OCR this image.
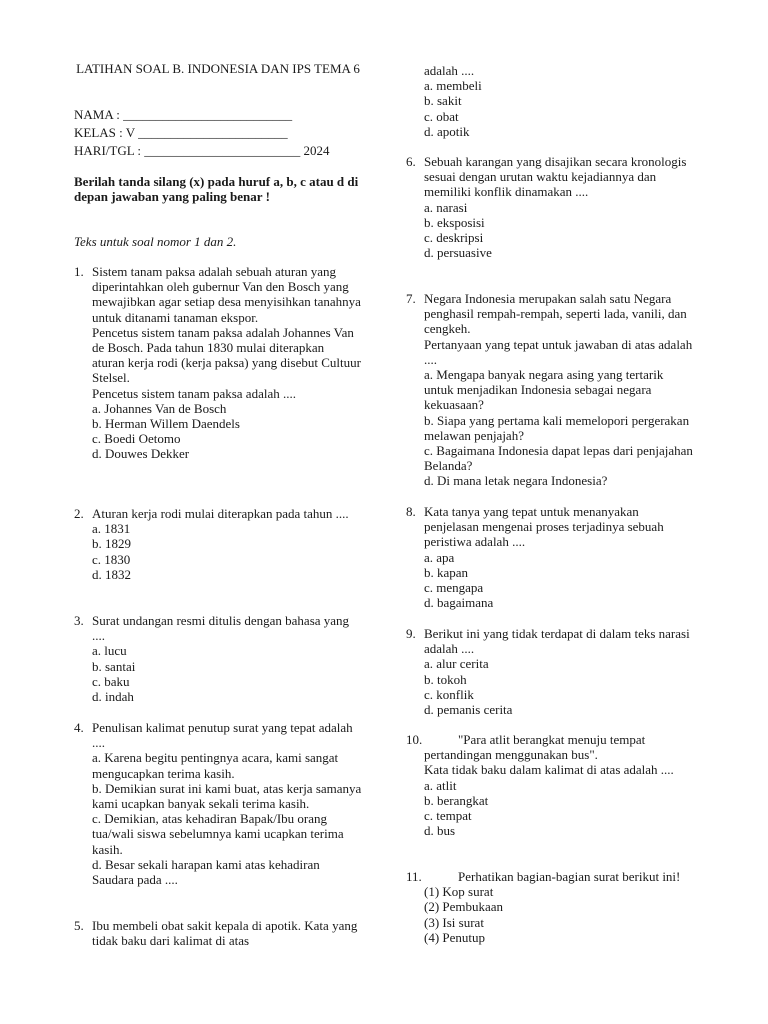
LATIHAN SOAL B. INDONESIA DAN IPS TEMA 6
NAMA : __________________________
KELAS : V _______________________
HARI/TGL : ________________________ 2024
Berilah tanda silang (x) pada huruf a, b, c atau d di depan jawaban yang paling benar !
Teks untuk soal nomor 1 dan 2.
1. Sistem tanam paksa adalah sebuah aturan yang diperintahkan oleh gubernur Van den Bosch yang mewajibkan agar setiap desa menyisihkan tanahnya untuk ditanami tanaman ekspor.
Pencetus sistem tanam paksa adalah Johannes Van de Bosch. Pada tahun 1830 mulai diterapkan
aturan kerja rodi (kerja paksa) yang disebut Cultuur Stelsel.
Pencetus sistem tanam paksa adalah ....
a. Johannes Van de Bosch
b. Herman Willem Daendels
c. Boedi Oetomo
d. Douwes Dekker
2. Aturan kerja rodi mulai diterapkan pada tahun ....
a. 1831
b. 1829
c. 1830
d. 1832
3. Surat undangan resmi ditulis dengan bahasa yang ....
a. lucu
b. santai
c. baku
d. indah
4. Penulisan kalimat penutup surat yang tepat adalah ....
a. Karena begitu pentingnya acara, kami sangat mengucapkan terima kasih.
b. Demikian surat ini kami buat, atas kerja samanya kami ucapkan banyak sekali terima kasih.
c. Demikian, atas kehadiran Bapak/Ibu orang tua/wali siswa sebelumnya kami ucapkan terima kasih.
d. Besar sekali harapan kami atas kehadiran Saudara pada ....
5. Ibu membeli obat sakit kepala di apotik. Kata yang tidak baku dari kalimat di atas
adalah ....
a. membeli
b. sakit
c. obat
d. apotik
6. Sebuah karangan yang disajikan secara kronologis sesuai dengan urutan waktu kejadiannya dan memiliki konflik dinamakan ....
a. narasi
b. eksposisi
c. deskripsi
d. persuasive
7. Negara Indonesia merupakan salah satu Negara penghasil rempah-rempah, seperti lada, vanili, dan cengkeh.
Pertanyaan yang tepat untuk jawaban di atas adalah ....
a. Mengapa banyak negara asing yang tertarik untuk menjadikan Indonesia sebagai negara kekuasaan?
b. Siapa yang pertama kali memelopori pergerakan melawan penjajah?
c. Bagaimana Indonesia dapat lepas dari penjajahan Belanda?
d. Di mana letak negara Indonesia?
8. Kata tanya yang tepat untuk menanyakan penjelasan mengenai proses terjadinya sebuah peristiwa adalah ....
a. apa
b. kapan
c. mengapa
d. bagaimana
9. Berikut ini yang tidak terdapat di dalam teks narasi adalah ....
a. alur cerita
b. tokoh
c. konflik
d. pemanis cerita
10.	"Para atlit berangkat menuju tempat pertandingan menggunakan bus".
Kata tidak baku dalam kalimat di atas adalah ....
a. atlit
b. berangkat
c. tempat
d. bus
11.	Perhatikan bagian-bagian surat berikut ini!
(1) Kop surat
(2) Pembukaan
(3) Isi surat
(4) Penutup
